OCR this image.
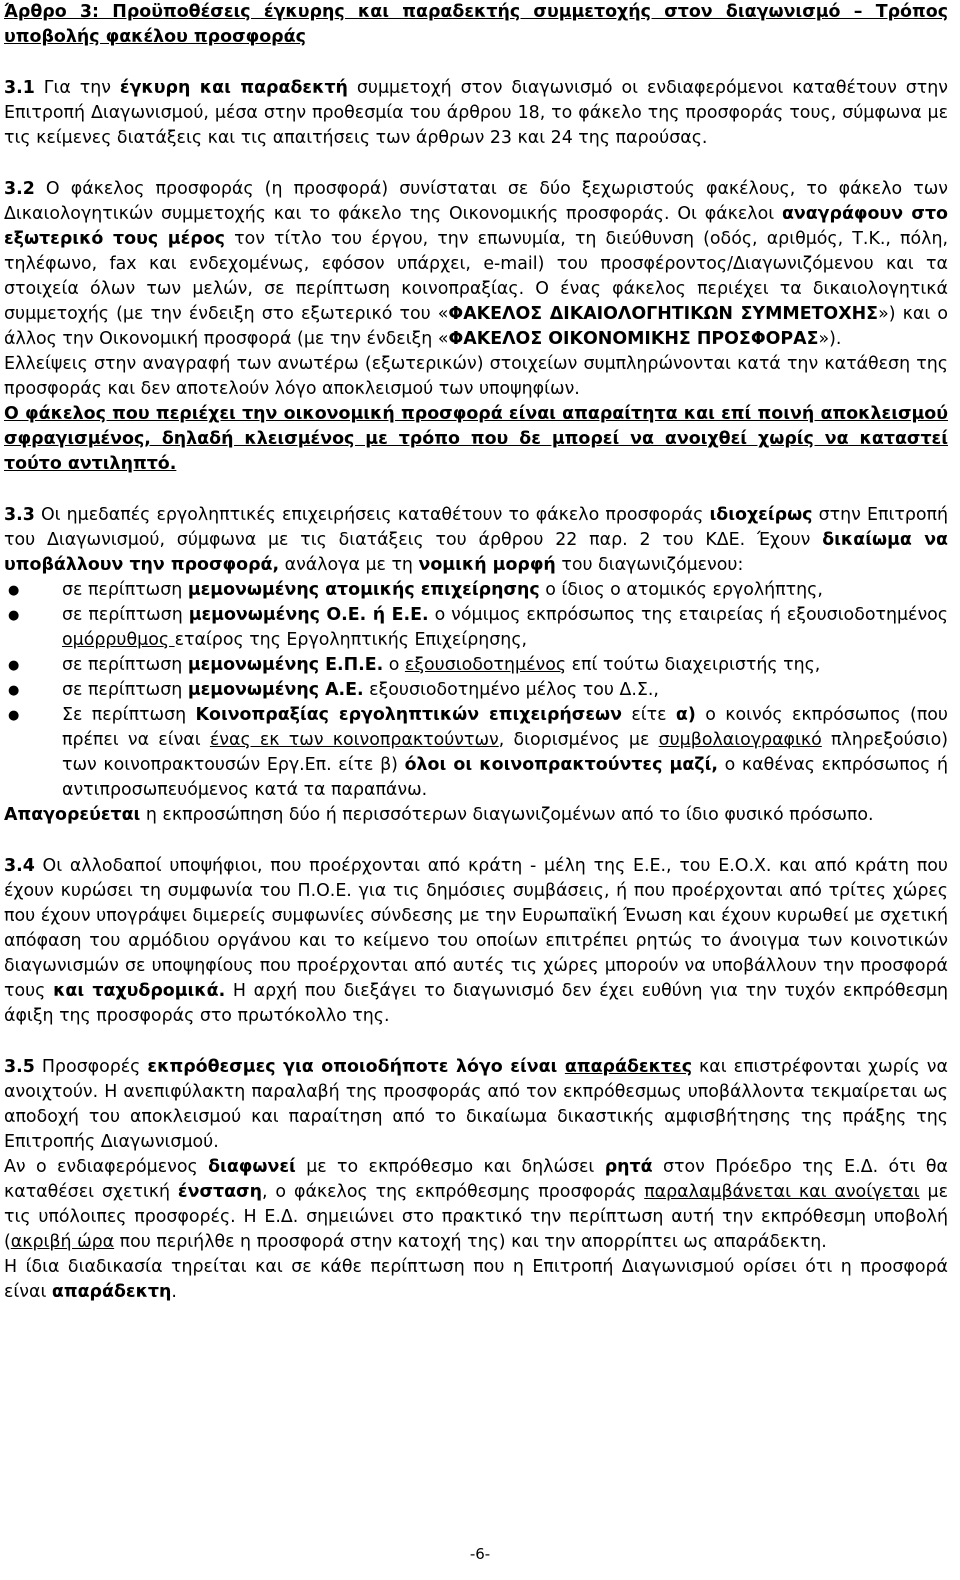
Άρθρο 3: Προϋποθέσεις έγκυρης και παραδεκτής συμμετοχής στον διαγωνισμό – Τρόπος υποβολής φακέλου προσφοράς

3.1 Για την έγκυρη και παραδεκτή συμμετοχή στον διαγωνισμό οι ενδιαφερόμενοι καταθέτουν στην Επιτροπή Διαγωνισμού, μέσα στην προθεσμία του άρθρου 18, το φάκελο της προσφοράς τους, σύμφωνα με τις κείμενες διατάξεις και τις απαιτήσεις των άρθρων 23 και 24 της παρούσας.

3.2 Ο φάκελος προσφοράς (η προσφορά) συνίσταται σε δύο ξεχωριστούς φακέλους, το φάκελο των Δικαιολογητικών συμμετοχής και το φάκελο της Οικονομικής προσφοράς. Οι φάκελοι αναγράφουν στο εξωτερικό τους μέρος τον τίτλο του έργου, την επωνυμία, τη διεύθυνση (οδός, αριθμός, Τ.Κ., πόλη, τηλέφωνο, fax και ενδεχομένως, εφόσον υπάρχει, e-mail) του προσφέροντος/Διαγωνιζόμενου και τα στοιχεία όλων των μελών, σε περίπτωση κοινοπραξίας. Ο ένας φάκελος περιέχει τα δικαιολογητικά συμμετοχής (με την ένδειξη στο εξωτερικό του «ΦΑΚΕΛΟΣ ΔΙΚΑΙΟΛΟΓΗΤΙΚΩΝ ΣΥΜΜΕΤΟΧΗΣ») και ο άλλος την Οικονομική προσφορά (με την ένδειξη «ΦΑΚΕΛΟΣ ΟΙΚΟΝΟΜΙΚΗΣ ΠΡΟΣΦΟΡΑΣ»).

Ελλείψεις στην αναγραφή των ανωτέρω (εξωτερικών) στοιχείων συμπληρώνονται κατά την κατάθεση της προσφοράς και δεν αποτελούν λόγο αποκλεισμού των υποψηφίων.

Ο φάκελος που περιέχει την οικονομική προσφορά είναι απαραίτητα και επί ποινή αποκλεισμού σφραγισμένος, δηλαδή κλεισμένος με τρόπο που δε μπορεί να ανοιχθεί χωρίς να καταστεί τούτο αντιληπτό.

3.3 Οι ημεδαπές εργοληπτικές επιχειρήσεις καταθέτουν το φάκελο προσφοράς ιδιοχείρως στην Επιτροπή του Διαγωνισμού, σύμφωνα με τις διατάξεις του άρθρου 22 παρ. 2 του ΚΔΕ. Έχουν δικαίωμα να υποβάλλουν την προσφορά, ανάλογα με τη νομική μορφή του διαγωνιζόμενου:

● σε περίπτωση μεμονωμένης ατομικής επιχείρησης ο ίδιος ο ατομικός εργολήπτης,
● σε περίπτωση μεμονωμένης Ο.Ε. ή Ε.Ε. ο νόμιμος εκπρόσωπος της εταιρείας ή εξουσιοδοτημένος ομόρρυθμος εταίρος της Εργοληπτικής Επιχείρησης,
● σε περίπτωση μεμονωμένης Ε.Π.Ε. ο εξουσιοδοτημένος επί τούτω διαχειριστής της,
● σε περίπτωση μεμονωμένης Α.Ε. εξουσιοδοτημένο μέλος του Δ.Σ.,
● Σε περίπτωση Κοινοπραξίας εργοληπτικών επιχειρήσεων είτε α) ο κοινός εκπρόσωπος (που πρέπει να είναι ένας εκ των κοινοπρακτούντων, διορισμένος με συμβολαιογραφικό πληρεξούσιο) των κοινοπρακτουσών Εργ.Επ. είτε β) όλοι οι κοινοπρακτούντες μαζί, ο καθένας εκπρόσωπος ή αντιπροσωπευόμενος κατά τα παραπάνω.

Απαγορεύεται η εκπροσώπηση δύο ή περισσότερων διαγωνιζομένων από το ίδιο φυσικό πρόσωπο.

3.4 Οι αλλοδαποί υποψήφιοι, που προέρχονται από κράτη - μέλη της Ε.Ε., του Ε.Ο.Χ. και από κράτη που έχουν κυρώσει τη συμφωνία του Π.Ο.Ε. για τις δημόσιες συμβάσεις, ή που προέρχονται από τρίτες χώρες που έχουν υπογράψει διμερείς συμφωνίες σύνδεσης με την Ευρωπαϊκή Ένωση και έχουν κυρωθεί με σχετική απόφαση του αρμόδιου οργάνου και το κείμενο του οποίων επιτρέπει ρητώς το άνοιγμα των κοινοτικών διαγωνισμών σε υποψηφίους που προέρχονται από αυτές τις χώρες μπορούν να υποβάλλουν την προσφορά τους και ταχυδρομικά. Η αρχή που διεξάγει το διαγωνισμό δεν έχει ευθύνη για την τυχόν εκπρόθεσμη άφιξη της προσφοράς στο πρωτόκολλο της.

3.5 Προσφορές εκπρόθεσμες για οποιοδήποτε λόγο είναι απαράδεκτες και επιστρέφονται χωρίς να ανοιχτούν. Η ανεπιφύλακτη παραλαβή της προσφοράς από τον εκπρόθεσμως υποβάλλοντα τεκμαίρεται ως αποδοχή του αποκλεισμού και παραίτηση από το δικαίωμα δικαστικής αμφισβήτησης της πράξης της Επιτροπής Διαγωνισμού.

Αν ο ενδιαφερόμενος διαφωνεί με το εκπρόθεσμο και δηλώσει ρητά στον Πρόεδρο της Ε.Δ. ότι θα καταθέσει σχετική ένσταση, ο φάκελος της εκπρόθεσμης προσφοράς παραλαμβάνεται και ανοίγεται με τις υπόλοιπες προσφορές. Η Ε.Δ. σημειώνει στο πρακτικό την περίπτωση αυτή την εκπρόθεσμη υποβολή (ακριβή ώρα που περιήλθε η προσφορά στην κατοχή της) και την απορρίπτει ως απαράδεκτη.

Η ίδια διαδικασία τηρείται και σε κάθε περίπτωση που η Επιτροπή Διαγωνισμού ορίσει ότι η προσφορά είναι απαράδεκτη.

-6-
